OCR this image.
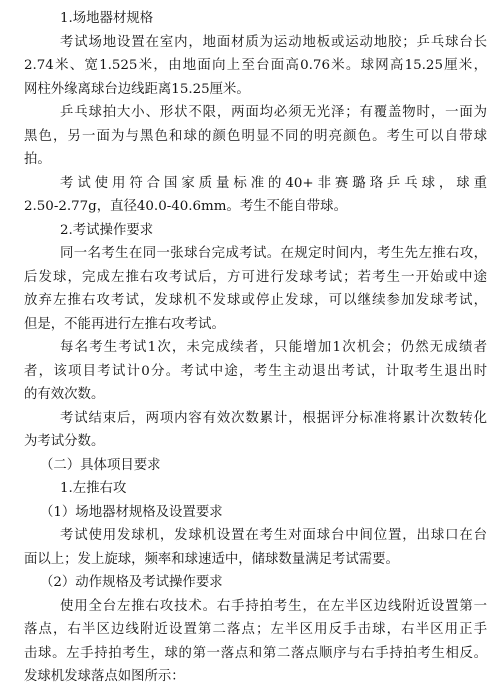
1.场地器材规格
考试场地设置在室内，地面材质为运动地板或运动地胶；乒乓球台长
2.74米、宽1.525米，由地面向上至台面高0.76米。球网高15.25厘米，
网柱外缘离球台边线距离15.25厘米。
乒乓球拍大小、形状不限，两面均必须无光泽；有覆盖物时，一面为
黑色，另一面为与黑色和球的颜色明显不同的明亮颜色。考生可以自带球
拍。
考试使用符合国家质量标准的40+非赛璐珞乒乓球，球重
2.50-2.77g，直径40.0-40.6mm。考生不能自带球。
2.考试操作要求
同一名考生在同一张球台完成考试。在规定时间内，考生先左推右攻，
后发球，完成左推右攻考试后，方可进行发球考试；若考生一开始或中途
放弃左推右攻考试，发球机不发球或停止发球，可以继续参加发球考试，
但是，不能再进行左推右攻考试。
每名考生考试1次，未完成续者，只能增加1次机会；仍然无成绩者
者，该项目考试计0分。考试中途，考生主动退出考试，计取考生退出时
的有效次数。
考试结束后，两项内容有效次数累计，根据评分标准将累计次数转化
为考试分数。
（二）具体项目要求
1.左推右攻
（1）场地器材规格及设置要求
考试使用发球机，发球机设置在考生对面球台中间位置，出球口在台
面以上；发上旋球，频率和球速适中，储球数量满足考试需要。
（2）动作规格及考试操作要求
使用全台左推右攻技术。右手持拍考生，在左半区边线附近设置第一
落点，右半区边线附近设置第二落点；左半区用反手击球，右半区用正手
击球。左手持拍考生，球的第一落点和第二落点顺序与右手持拍考生相反。
发球机发球落点如图所示：
